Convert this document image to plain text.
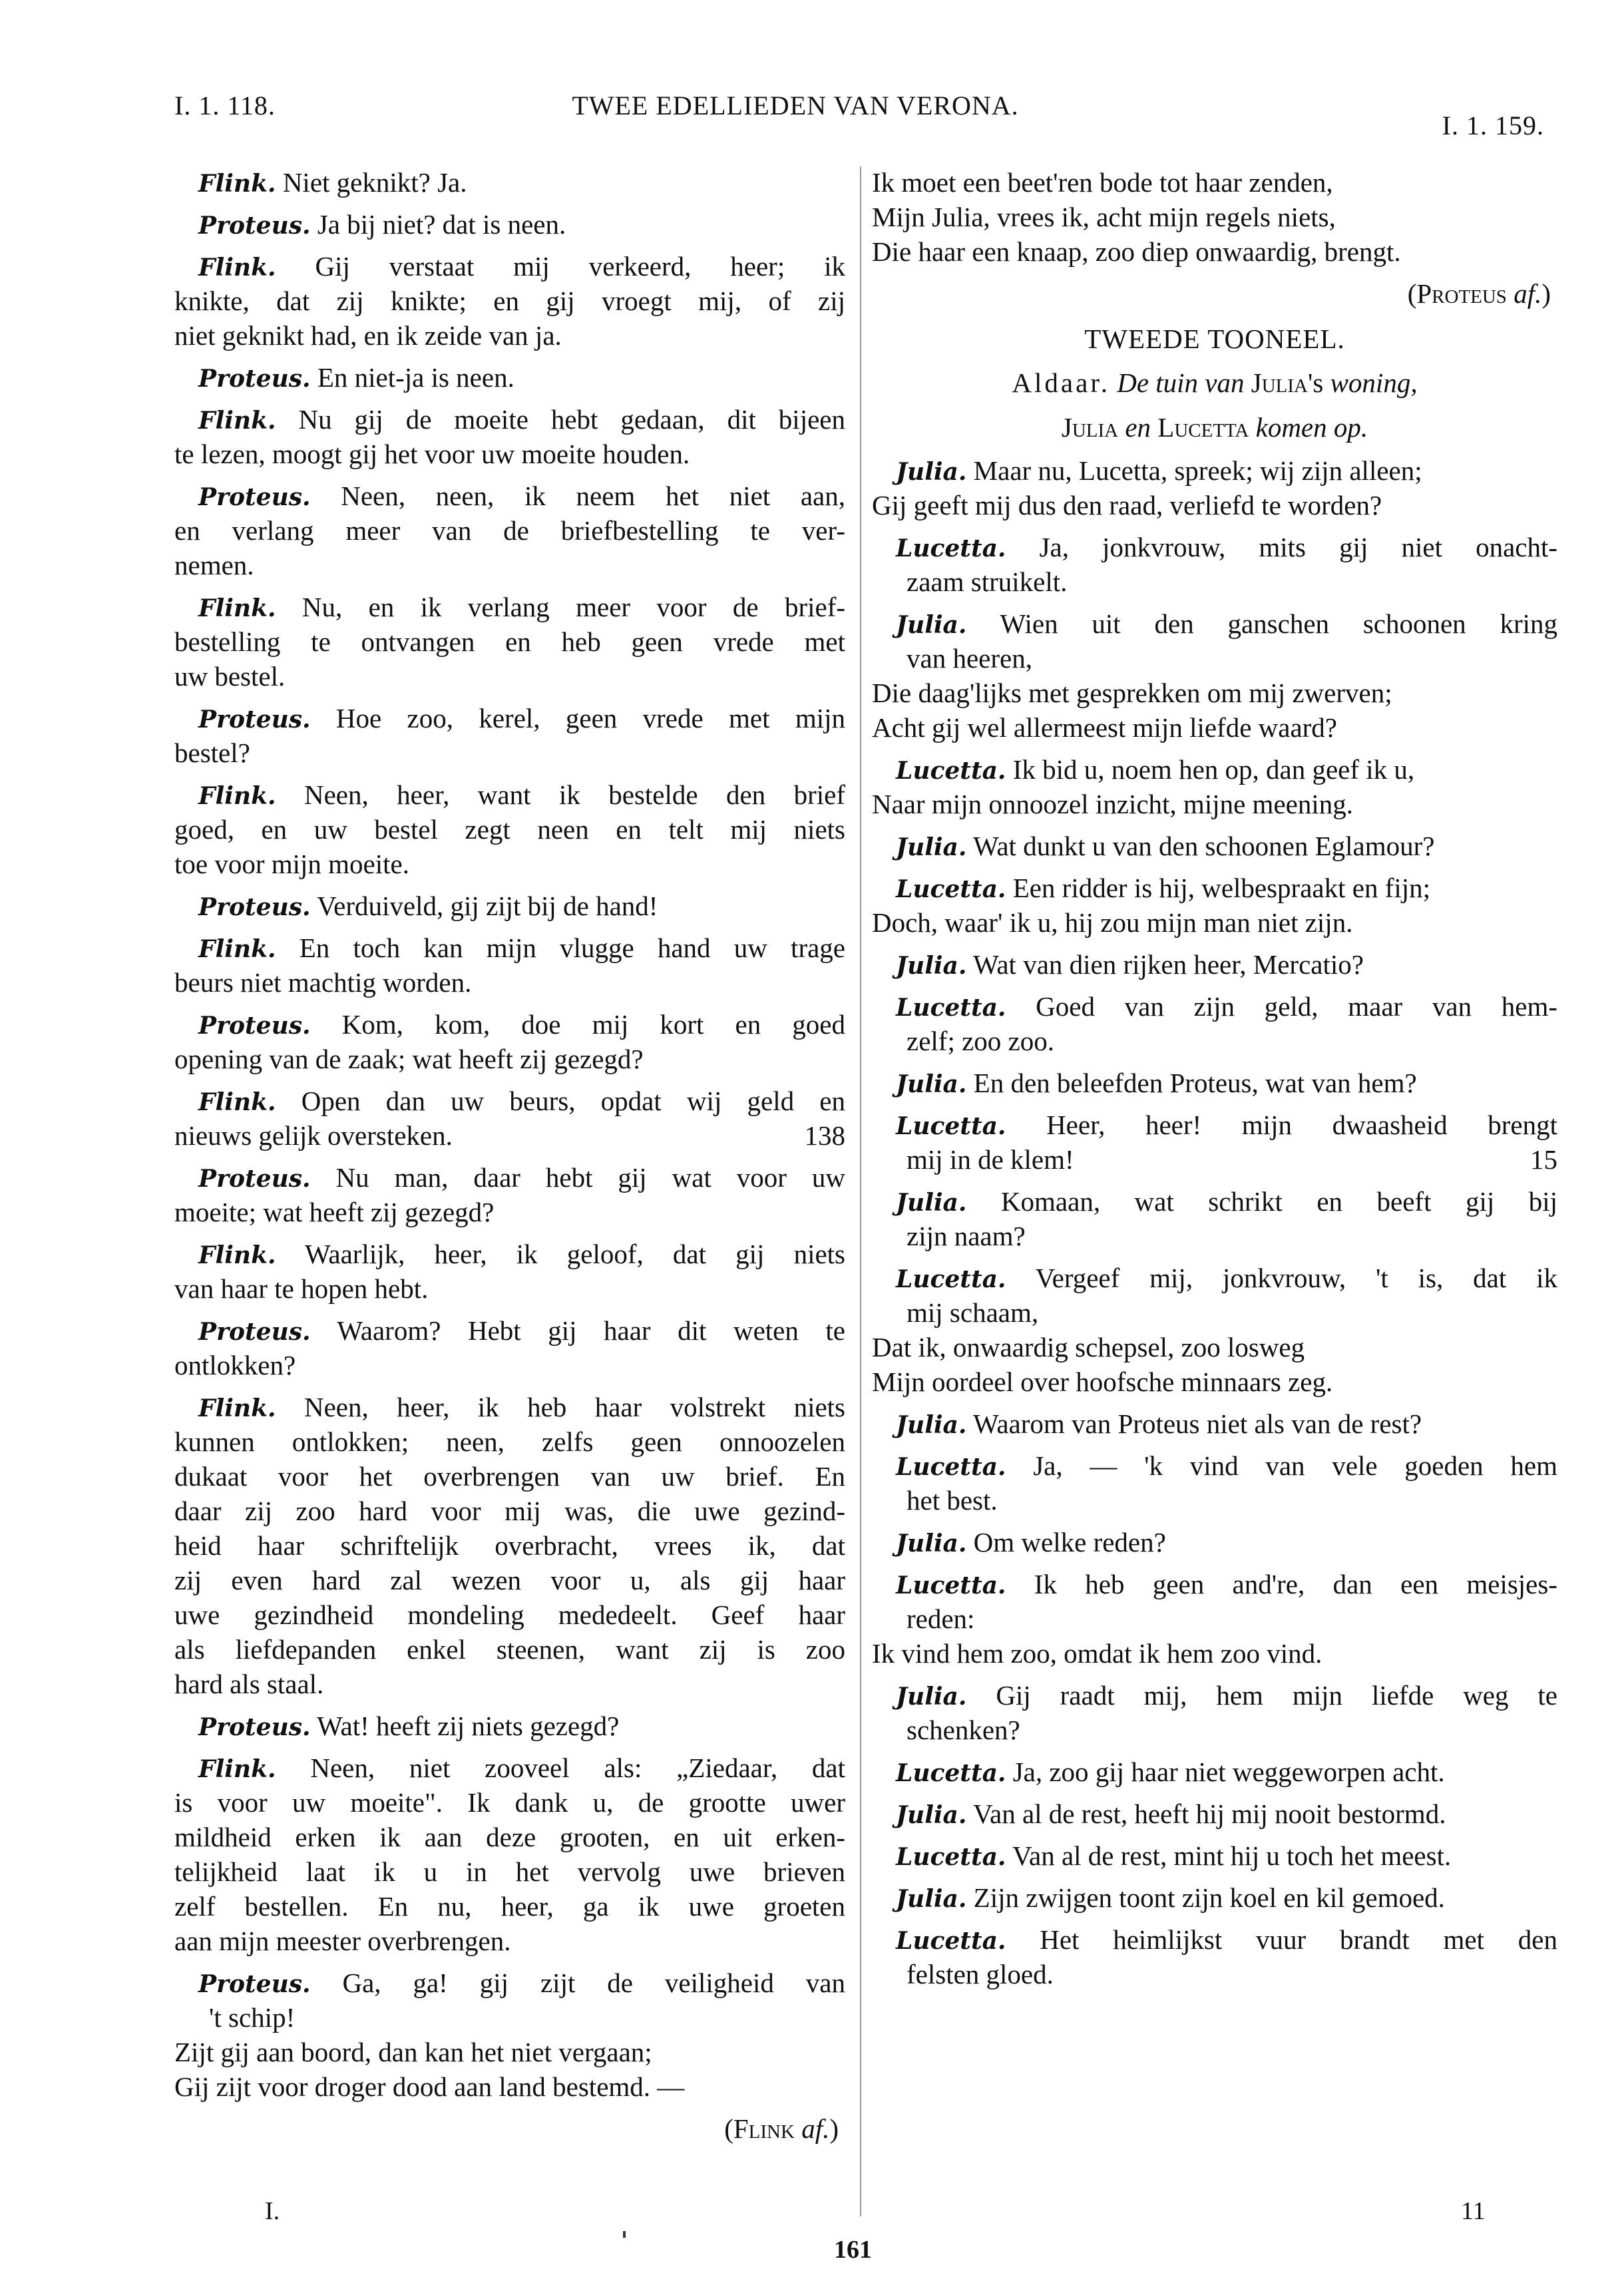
I. 1. 118.	TWEE EDELLIEDEN VAN VERONA.
I. 1. 159.
Flink. Niet geknikt? Ja.
Proteus. Ja bij niet? dat is neen.
Flink. Gij verstaat mij verkeerd, heer; ik
knikte, dat zij knikte; en gij vroegt mij, of zij
niet geknikt had, en ik zeide van ja.
Proteus. En niet-ja is neen.
Flink. Nu gij de moeite hebt gedaan, dit bijeen
te lezen, moogt gij het voor uw moeite houden.
Proteus. Neen, neen, ik neem het niet aan,
en verlang meer van de briefbestelling te ver-
nemen.
Flink. Nu, en ik verlang meer voor de brief-
bestelling te ontvangen en heb geen vrede met
uw bestel.
Proteus. Hoe zoo, kerel, geen vrede met mijn
bestel?
Flink. Neen, heer, want ik bestelde den brief
goed, en uw bestel zegt neen en telt mij niets
toe voor mijn moeite.
Proteus. Verduiveld, gij zijt bij de hand!
Flink. En toch kan mijn vlugge hand uw trage
beurs niet machtig worden.
Proteus. Kom, kom, doe mij kort en goed
opening van de zaak; wat heeft zij gezegd?
Flink. Open dan uw beurs, opdat wij geld en
nieuws gelijk oversteken.	138
Proteus. Nu man, daar hebt gij wat voor uw
moeite; wat heeft zij gezegd?
Flink. Waarlijk, heer, ik geloof, dat gij niets
van haar te hopen hebt.
Proteus. Waarom? Hebt gij haar dit weten te
ontlokken?
Flink. Neen, heer, ik heb haar volstrekt niets
kunnen ontlokken; neen, zelfs geen onnoozelen
dukaat voor het overbrengen van uw brief. En
daar zij zoo hard voor mij was, die uwe gezind-
heid haar schriftelijk overbracht, vrees ik, dat
zij even hard zal wezen voor u, als gij haar
uwe gezindheid mondeling mededeelt. Geef haar
als liefdepanden enkel steenen, want zij is zoo
hard als staal.
Proteus. Wat! heeft zij niets gezegd?
Flink. Neen, niet zooveel als: „Ziedaar, dat
is voor uw moeite". Ik dank u, de grootte uwer
mildheid erken ik aan deze grooten, en uit erken-
telijkheid laat ik u in het vervolg uwe brieven
zelf bestellen. En nu, heer, ga ik uwe groeten
aan mijn meester overbrengen.
Proteus. Ga, ga! gij zijt de veiligheid van
't schip!
Zijt gij aan boord, dan kan het niet vergaan;
Gij zijt voor droger dood aan land bestemd. —
(Flink af.)
Ik moet een beet'ren bode tot haar zenden,
Mijn Julia, vrees ik, acht mijn regels niets,
Die haar een knaap, zoo diep onwaardig, brengt.
(Proteus af.)
TWEEDE TOONEEL.
Aldaar. De tuin van Julia's woning,
Julia en Lucetta komen op.
Julia. Maar nu, Lucetta, spreek; wij zijn alleen;
Gij geeft mij dus den raad, verliefd te worden?
Lucetta. Ja, jonkvrouw, mits gij niet onacht-
zaam struikelt.
Julia. Wien uit den ganschen schoonen kring
van heeren,
Die daag'lijks met gesprekken om mij zwerven;
Acht gij wel allermeest mijn liefde waard?
Lucetta. Ik bid u, noem hen op, dan geef ik u,
Naar mijn onnoozel inzicht, mijne meening.
Julia. Wat dunkt u van den schoonen Eglamour?
Lucetta. Een ridder is hij, welbespraakt en fijn;
Doch, waar' ik u, hij zou mijn man niet zijn.
Julia. Wat van dien rijken heer, Mercatio?
Lucetta. Goed van zijn geld, maar van hem-
zelf; zoo zoo.
Julia. En den beleefden Proteus, wat van hem?
Lucetta. Heer, heer! mijn dwaasheid brengt
mij in de klem!	15
Julia. Komaan, wat schrikt en beeft gij bij
zijn naam?
Lucetta. Vergeef mij, jonkvrouw, 't is, dat ik
mij schaam,
Dat ik, onwaardig schepsel, zoo losweg
Mijn oordeel over hoofsche minnaars zeg.
Julia. Waarom van Proteus niet als van de rest?
Lucetta. Ja, — 'k vind van vele goeden hem
het best.
Julia. Om welke reden?
Lucetta. Ik heb geen and're, dan een meisjes-
reden:
Ik vind hem zoo, omdat ik hem zoo vind.
Julia. Gij raadt mij, hem mijn liefde weg te
schenken?
Lucetta. Ja, zoo gij haar niet weggeworpen acht.
Julia. Van al de rest, heeft hij mij nooit bestormd.
Lucetta. Van al de rest, mint hij u toch het meest.
Julia. Zijn zwijgen toont zijn koel en kil gemoed.
Lucetta. Het heimlijkst vuur brandt met den
felsten gloed.
I.
161
11
